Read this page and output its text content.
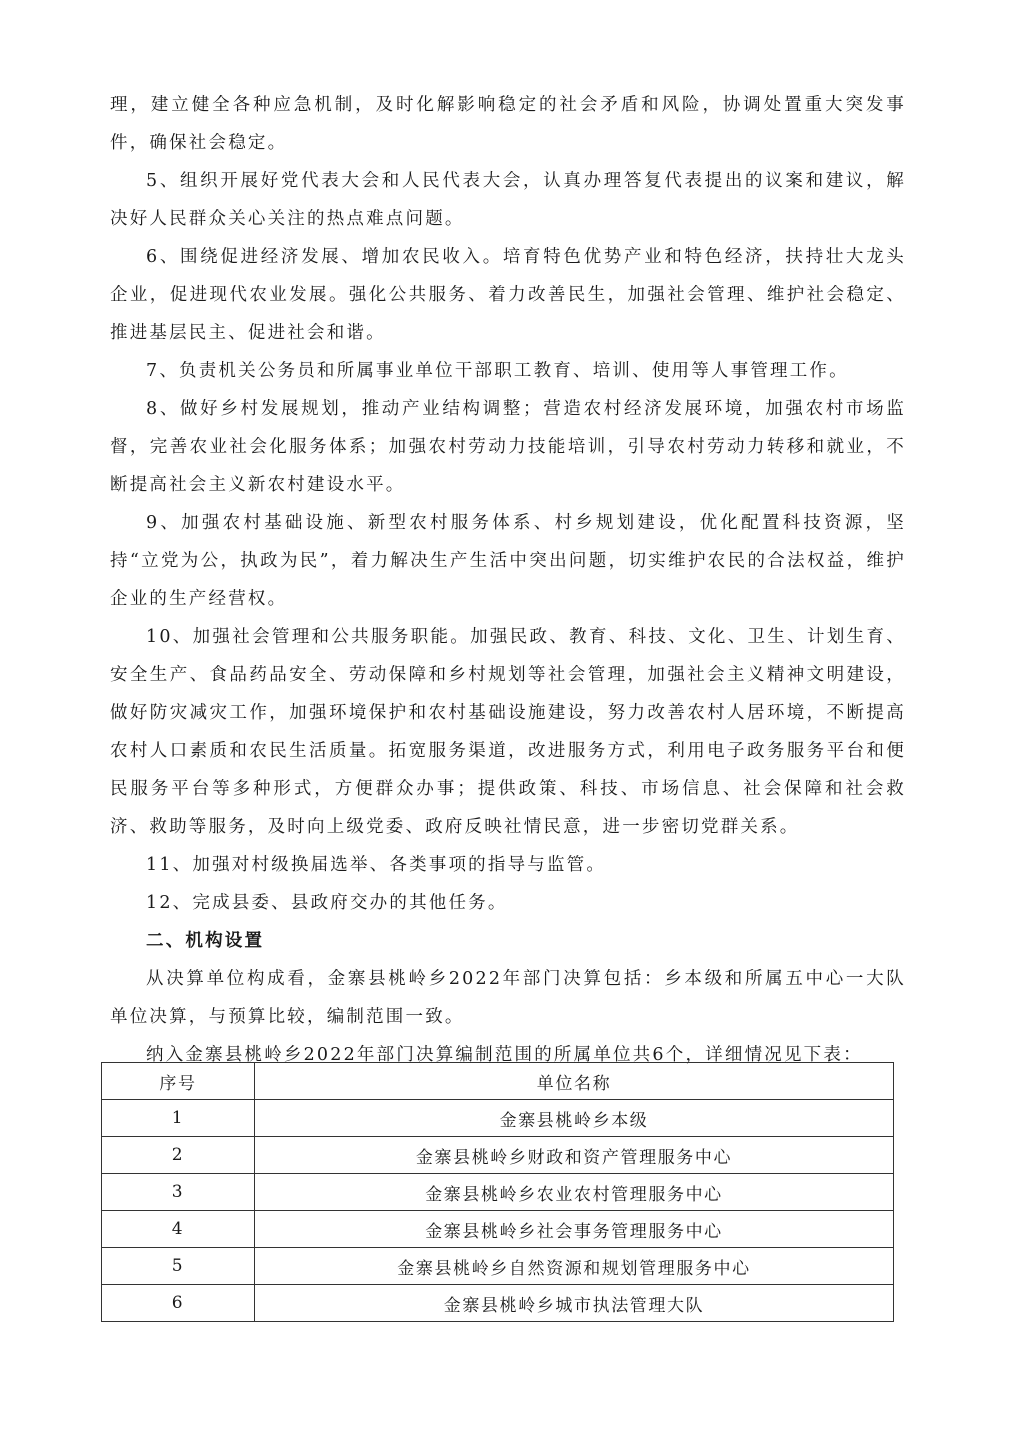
理，建立健全各种应急机制，及时化解影响稳定的社会矛盾和风险，协调处置重大突发事件，确保社会稳定。

5、组织开展好党代表大会和人民代表大会，认真办理答复代表提出的议案和建议，解决好人民群众关心关注的热点难点问题。

6、围绕促进经济发展、增加农民收入。培育特色优势产业和特色经济，扶持壮大龙头企业，促进现代农业发展。强化公共服务、着力改善民生，加强社会管理、维护社会稳定、推进基层民主、促进社会和谐。

7、负责机关公务员和所属事业单位干部职工教育、培训、使用等人事管理工作。

8、做好乡村发展规划，推动产业结构调整；营造农村经济发展环境，加强农村市场监督，完善农业社会化服务体系；加强农村劳动力技能培训，引导农村劳动力转移和就业，不断提高社会主义新农村建设水平。

9、加强农村基础设施、新型农村服务体系、村乡规划建设，优化配置科技资源，坚持“立党为公，执政为民”，着力解决生产生活中突出问题，切实维护农民的合法权益，维护企业的生产经营权。

10、加强社会管理和公共服务职能。加强民政、教育、科技、文化、卫生、计划生育、安全生产、食品药品安全、劳动保障和乡村规划等社会管理，加强社会主义精神文明建设，做好防灾减灾工作，加强环境保护和农村基础设施建设，努力改善农村人居环境，不断提高农村人口素质和农民生活质量。拓宽服务渠道，改进服务方式，利用电子政务服务平台和便民服务平台等多种形式，方便群众办事；提供政策、科技、市场信息、社会保障和社会救济、救助等服务，及时向上级党委、政府反映社情民意，进一步密切党群关系。

11、加强对村级换届选举、各类事项的指导与监管。

12、完成县委、县政府交办的其他任务。

二、机构设置

从决算单位构成看，金寨县桃岭乡2022年部门决算包括：乡本级和所属五中心一大队单位决算，与预算比较，编制范围一致。

纳入金寨县桃岭乡2022年部门决算编制范围的所属单位共6个，详细情况见下表：

序号	单位名称
1	金寨县桃岭乡本级
2	金寨县桃岭乡财政和资产管理服务中心
3	金寨县桃岭乡农业农村管理服务中心
4	金寨县桃岭乡社会事务管理服务中心
5	金寨县桃岭乡自然资源和规划管理服务中心
6	金寨县桃岭乡城市执法管理大队
